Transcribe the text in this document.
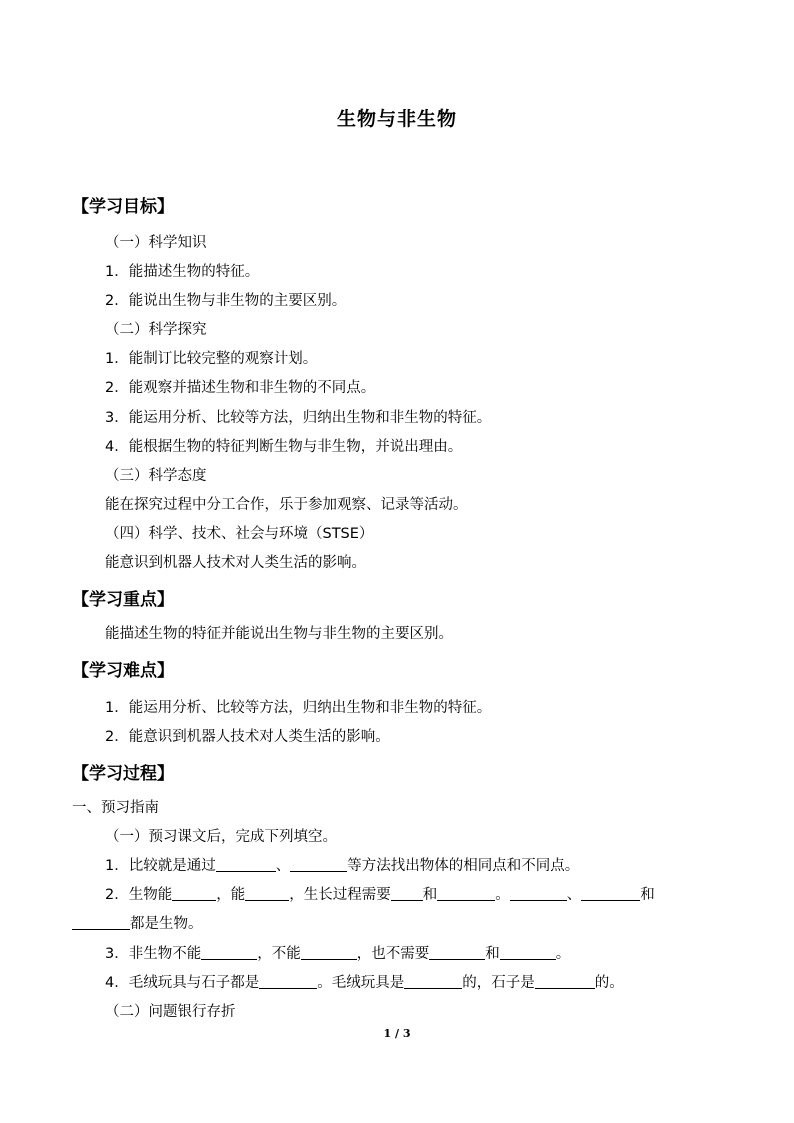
生物与非生物
【学习目标】
（一）科学知识
1．能描述生物的特征。
2．能说出生物与非生物的主要区别。
（二）科学探究
1．能制订比较完整的观察计划。
2．能观察并描述生物和非生物的不同点。
3．能运用分析、比较等方法，归纳出生物和非生物的特征。
4．能根据生物的特征判断生物与非生物，并说出理由。
（三）科学态度
能在探究过程中分工合作，乐于参加观察、记录等活动。
（四）科学、技术、社会与环境（STSE）
能意识到机器人技术对人类生活的影响。
【学习重点】
能描述生物的特征并能说出生物与非生物的主要区别。
【学习难点】
1．能运用分析、比较等方法，归纳出生物和非生物的特征。
2．能意识到机器人技术对人类生活的影响。
【学习过程】
一、预习指南
（一）预习课文后，完成下列填空。
1．比较就是通过	、	等方法找出物体的相同点和不同点。
2．生物能	，能	，生长过程需要 和	。	、	和
都是生物。
3．非生物不能	，不能	，也不需要	和	。
4．毛绒玩具与石子都是	。毛绒玩具是	的，石子是	的。
（二）问题银行存折
1 / 3
